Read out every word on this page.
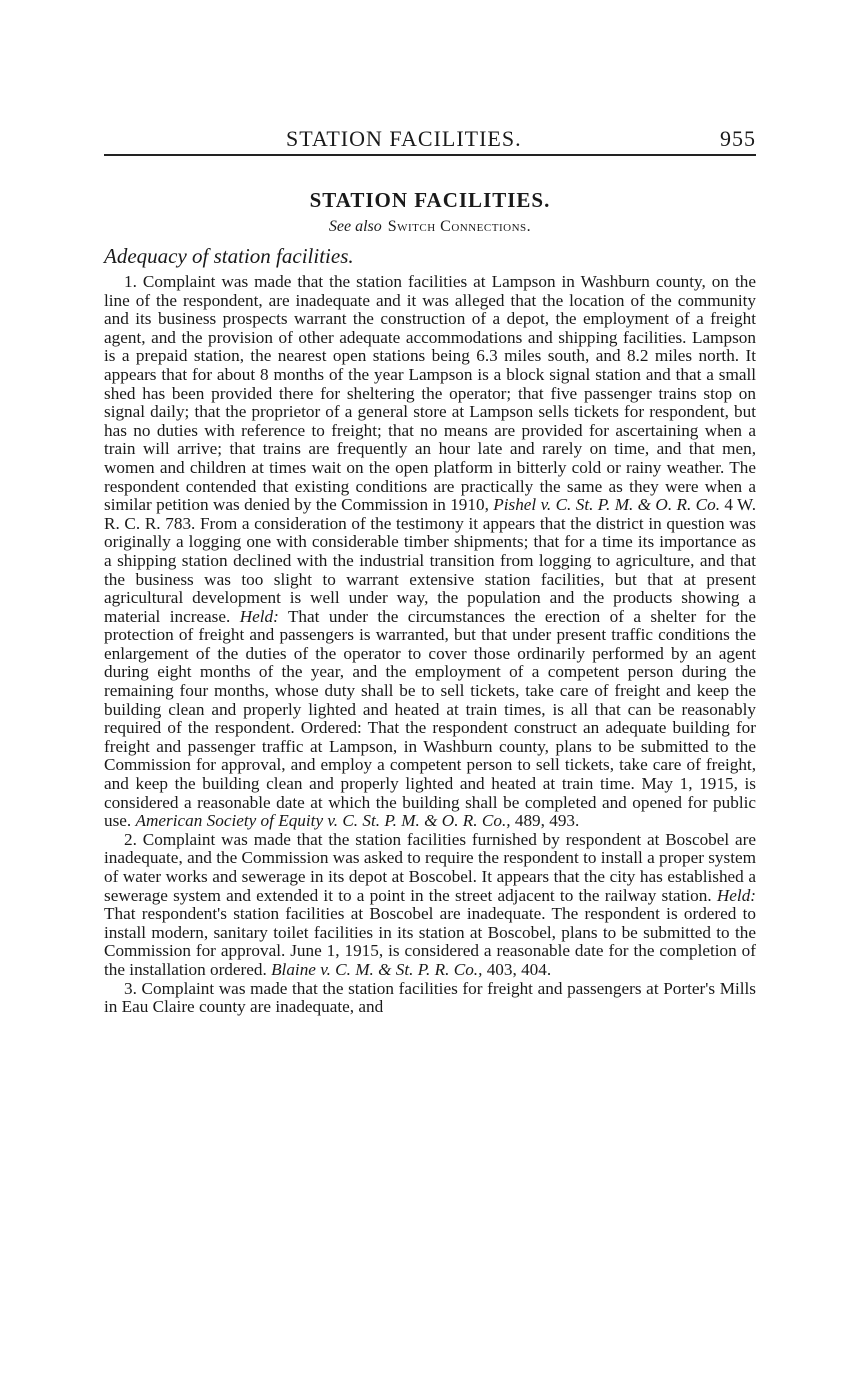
STATION FACILITIES.	955
STATION FACILITIES.
See also Switch Connections.
Adequacy of station facilities.

1. Complaint was made that the station facilities at Lampson in Washburn county, on the line of the respondent, are inadequate and it was alleged that the location of the community and its business prospects warrant the construction of a depot, the employment of a freight agent, and the provision of other adequate accommodations and shipping facilities. Lampson is a prepaid station, the nearest open stations being 6.3 miles south, and 8.2 miles north. It appears that for about 8 months of the year Lampson is a block signal station and that a small shed has been provided there for sheltering the operator; that five passenger trains stop on signal daily; that the proprietor of a general store at Lampson sells tickets for respondent, but has no duties with reference to freight; that no means are provided for ascertaining when a train will arrive; that trains are frequently an hour late and rarely on time, and that men, women and children at times wait on the open platform in bitterly cold or rainy weather. The respondent contended that existing conditions are practically the same as they were when a similar petition was denied by the Commission in 1910, Pishel v. C. St. P. M. & O. R. Co. 4 W. R. C. R. 783. From a consideration of the testimony it appears that the district in question was originally a logging one with considerable timber shipments; that for a time its importance as a shipping station declined with the industrial transition from logging to agriculture, and that the business was too slight to warrant extensive station facilities, but that at present agricultural development is well under way, the population and the products showing a material increase. Held: That under the circumstances the erection of a shelter for the protection of freight and passengers is warranted, but that under present traffic conditions the enlargement of the duties of the operator to cover those ordinarily performed by an agent during eight months of the year, and the employment of a competent person during the remaining four months, whose duty shall be to sell tickets, take care of freight and keep the building clean and properly lighted and heated at train times, is all that can be reasonably required of the respondent. Ordered: That the respondent construct an adequate building for freight and passenger traffic at Lampson, in Washburn county, plans to be submitted to the Commission for approval, and employ a competent person to sell tickets, take care of freight, and keep the building clean and properly lighted and heated at train time. May 1, 1915, is considered a reasonable date at which the building shall be completed and opened for public use. American Society of Equity v. C. St. P. M. & O. R. Co., 489, 493.

2. Complaint was made that the station facilities furnished by respondent at Boscobel are inadequate, and the Commission was asked to require the respondent to install a proper system of water works and sewerage in its depot at Boscobel. It appears that the city has established a sewerage system and extended it to a point in the street adjacent to the railway station. Held: That respondent's station facilities at Boscobel are inadequate. The respondent is ordered to install modern, sanitary toilet facilities in its station at Boscobel, plans to be submitted to the Commission for approval. June 1, 1915, is considered a reasonable date for the completion of the installation ordered. Blaine v. C. M. & St. P. R. Co., 403, 404.

3. Complaint was made that the station facilities for freight and passengers at Porter's Mills in Eau Claire county are inadequate, and
